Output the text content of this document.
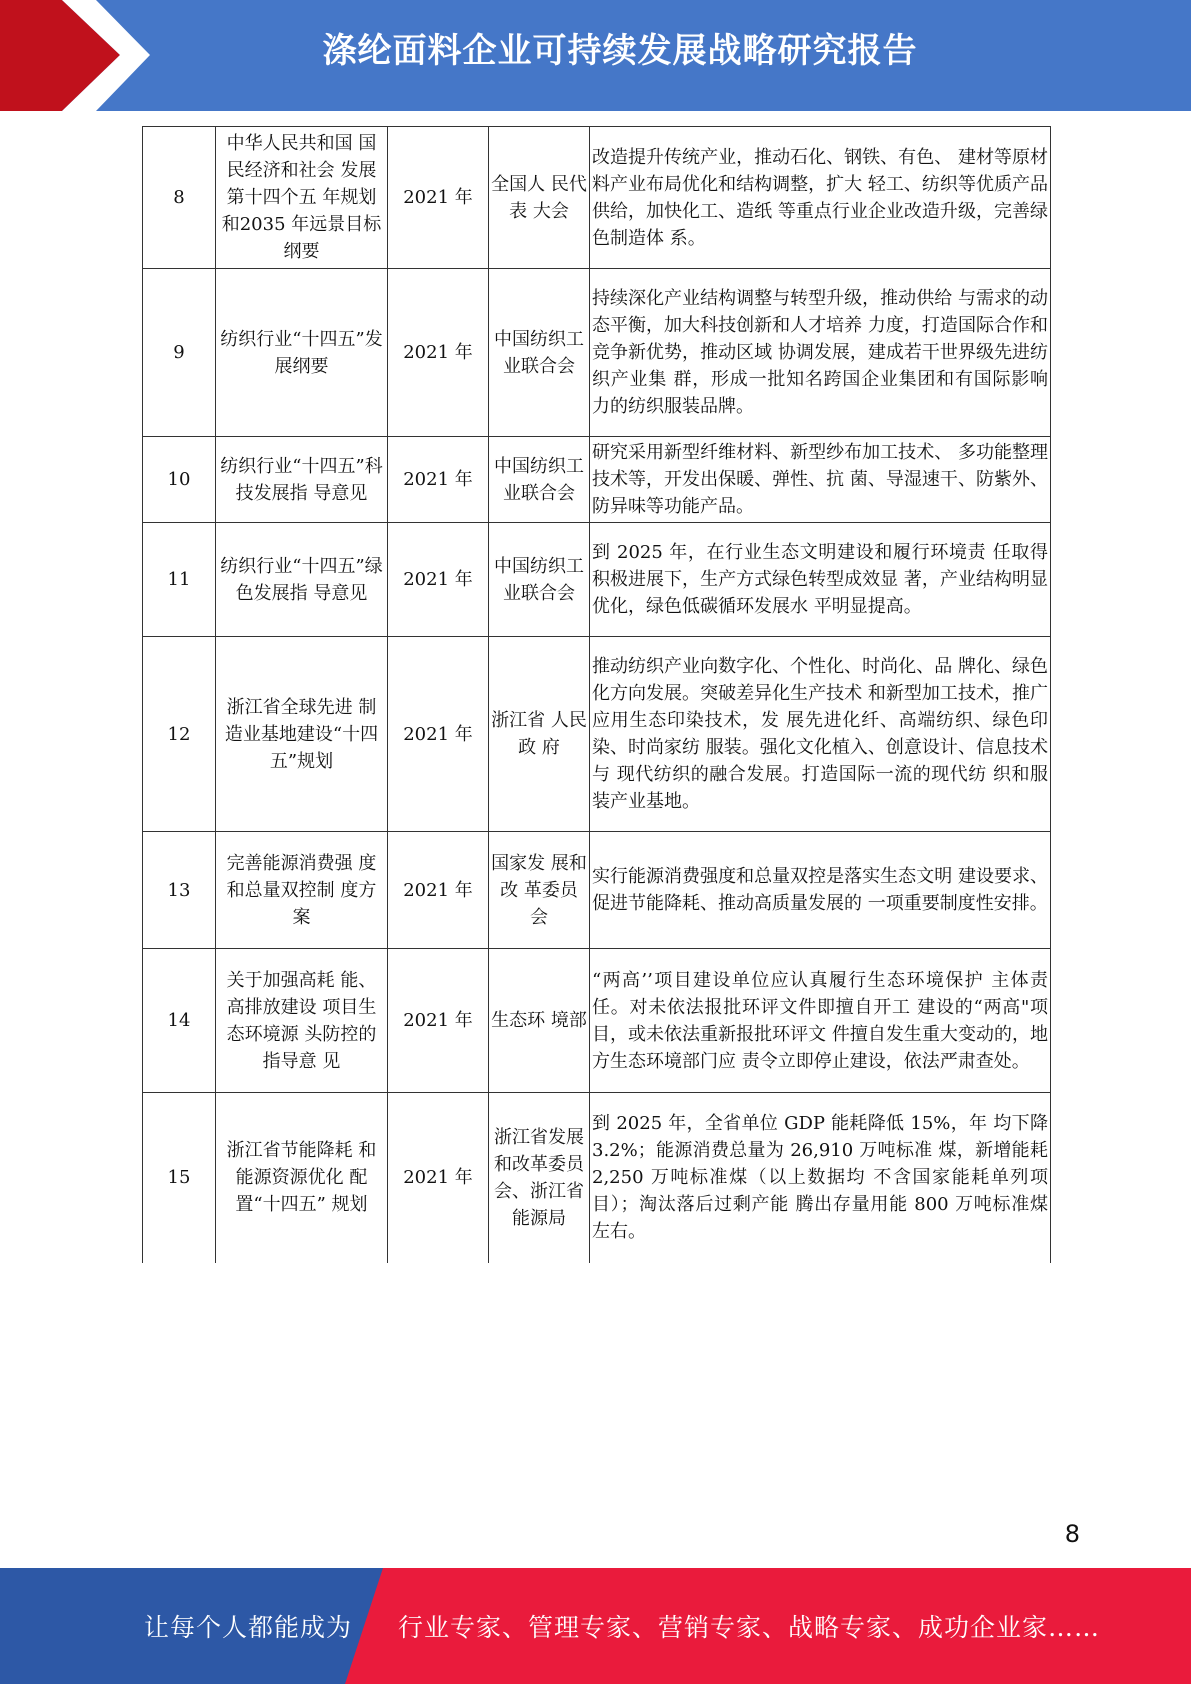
涤纶面料企业可持续发展战略研究报告
8	中华人民共和国 国民经济和社会 发展第十四个五 年规划和2035 年远景目标纲要	2021 年	全国人 民代表 大会	改造提升传统产业，推动石化、钢铁、有色、 建材等原材料产业布局优化和结构调整，扩大 轻工、纺织等优质产品供给，加快化工、造纸 等重点行业企业改造升级，完善绿色制造体 系。
9	纺织行业“十四五”发展纲要	2021 年	中国纺织工业联合会	持续深化产业结构调整与转型升级，推动供给 与需求的动态平衡，加大科技创新和人才培养 力度，打造国际合作和竞争新优势，推动区域 协调发展，建成若干世界级先进纺织产业集 群，形成一批知名跨国企业集团和有国际影响 力的纺织服装品牌。
10	纺织行业“十四五”科技发展指 导意见	2021 年	中国纺织工业联合会	研究采用新型纤维材料、新型纱布加工技术、 多功能整理技术等，开发出保暖、弹性、抗 菌、导湿速干、防紫外、防异味等功能产品。
11	纺织行业“十四五”绿色发展指 导意见	2021 年	中国纺织工业联合会	到 2025 年，在行业生态文明建设和履行环境责 任取得积极进展下，生产方式绿色转型成效显 著，产业结构明显优化，绿色低碳循环发展水 平明显提高。
12	浙江省全球先进 制造业基地建设“十四五”规划	2021 年	浙江省 人民政 府	推动纺织产业向数字化、个性化、时尚化、品 牌化、绿色化方向发展。突破差异化生产技术 和新型加工技术，推广应用生态印染技术，发 展先进化纤、高端纺织、绿色印染、时尚家纺 服装。强化文化植入、创意设计、信息技术与 现代纺织的融合发展。打造国际一流的现代纺 织和服装产业基地。
13	完善能源消费强 度和总量双控制 度方案	2021 年	国家发 展和改 革委员 会	实行能源消费强度和总量双控是落实生态文明 建设要求、促进节能降耗、推动高质量发展的 一项重要制度性安排。
14	关于加强高耗 能、高排放建设 项目生态环境源 头防控的指导意 见	2021 年	生态环 境部	“两高’’项目建设单位应认真履行生态环境保护 主体责任。对未依法报批环评文件即擅自开工 建设的“两高"项目，或未依法重新报批环评文 件擅自发生重大变动的，地方生态环境部门应 责令立即停止建设，依法严肃查处。
15	浙江省节能降耗 和能源资源优化 配置“十四五” 规划	2021 年	浙江省发展和改革委员会、浙江省能源局	到 2025 年，全省单位 GDP 能耗降低 15%，年 均下降 3.2%；能源消费总量为 26,910 万吨标准 煤，新增能耗 2,250 万吨标准煤（以上数据均 不含国家能耗单列项目）；淘汰落后过剩产能 腾出存量用能 800 万吨标准煤左右。
8
让每个人都能成为 行业专家、管理专家、营销专家、战略专家、成功企业家……
